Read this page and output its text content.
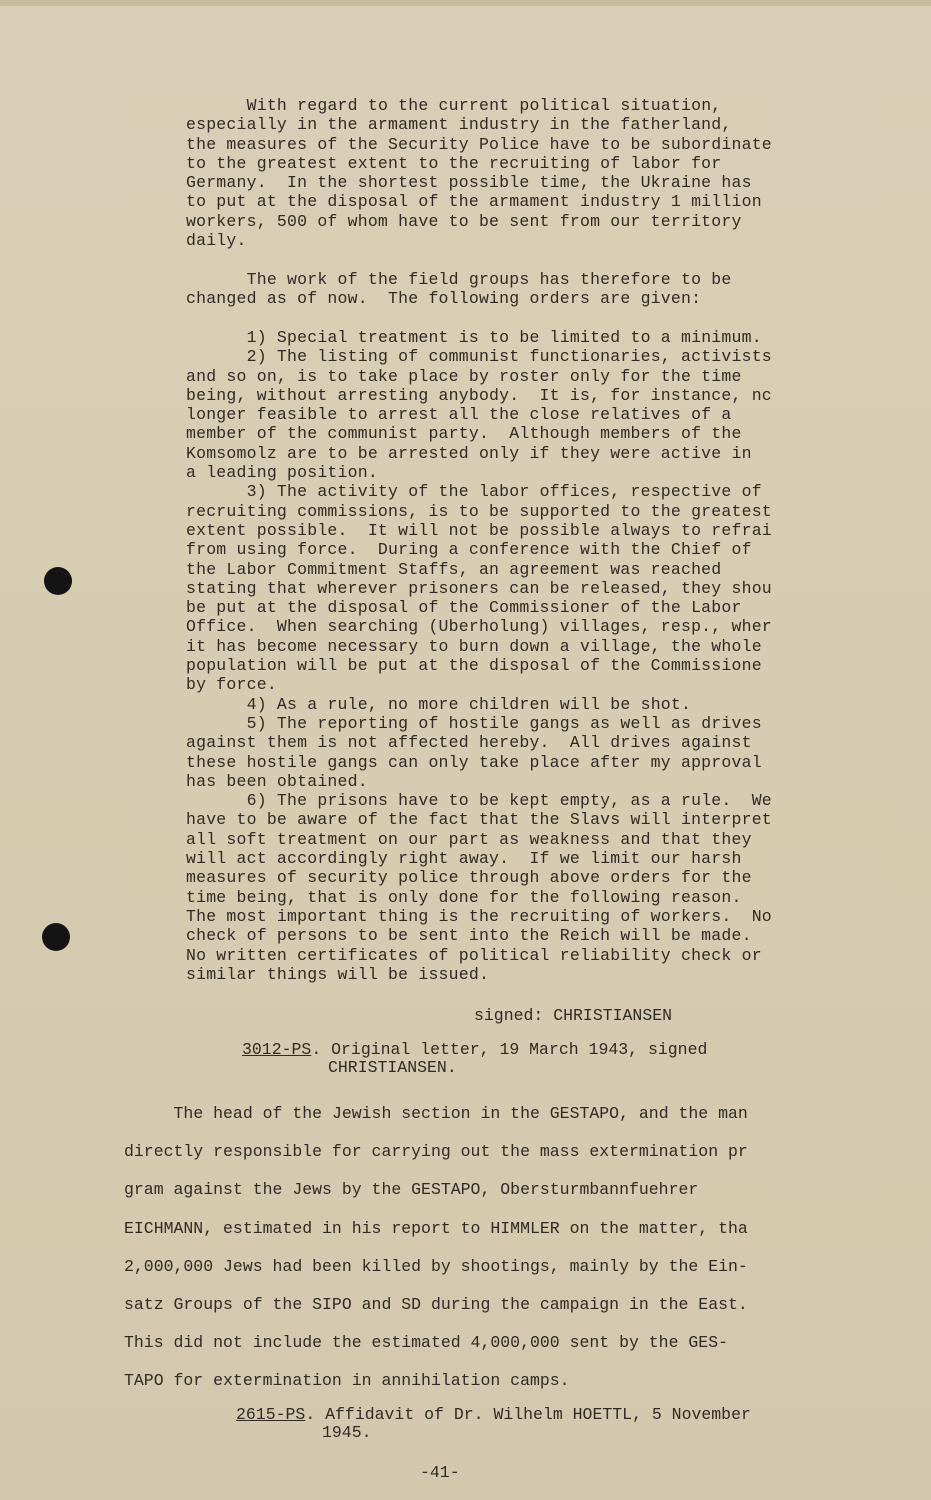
With regard to the current political situation,

especially in the armament industry in the fatherland,

the measures of the Security Police have to be subordinate

to the greatest extent to the recruiting of labor for

Germany.  In the shortest possible time, the Ukraine has

to put at the disposal of the armament industry 1 million

workers, 500 of whom have to be sent from our territory

daily.

The work of the field groups has therefore to be

changed as of now.  The following orders are given:

1) Special treatment is to be limited to a minimum.

2) The listing of communist functionaries, activists

and so on, is to take place by roster only for the time

being, without arresting anybody.  It is, for instance, nc

longer feasible to arrest all the close relatives of a

member of the communist party.  Although members of the

Komsomolz are to be arrested only if they were active in

a leading position.

3) The activity of the labor offices, respective of

recruiting commissions, is to be supported to the greatest

extent possible.  It will not be possible always to refrai

from using force.  During a conference with the Chief of

the Labor Commitment Staffs, an agreement was reached

stating that wherever prisoners can be released, they shou

be put at the disposal of the Commissioner of the Labor

Office.  When searching (Uberholung) villages, resp., wher

it has become necessary to burn down a village, the whole

population will be put at the disposal of the Commissione

by force.

4) As a rule, no more children will be shot.

5) The reporting of hostile gangs as well as drives

against them is not affected hereby.  All drives against

these hostile gangs can only take place after my approval

has been obtained.

6) The prisons have to be kept empty, as a rule.  We

have to be aware of the fact that the Slavs will interpret

all soft treatment on our part as weakness and that they

will act accordingly right away.  If we limit our harsh

measures of security police through above orders for the

time being, that is only done for the following reason.

The most important thing is the recruiting of workers.  No

check of persons to be sent into the Reich will be made.

No written certificates of political reliability check or

similar things will be issued.

signed: CHRISTIANSEN
3012-PS. Original letter, 19 March 1943, signed
CHRISTIANSEN.

The head of the Jewish section in the GESTAPO, and the man

directly responsible for carrying out the mass extermination pr

gram against the Jews by the GESTAPO, Obersturmbannfuehrer

EICHMANN, estimated in his report to HIMMLER on the matter, tha

2,000,000 Jews had been killed by shootings, mainly by the Ein-

satz Groups of the SIPO and SD during the campaign in the East.

This did not include the estimated 4,000,000 sent by the GES-

TAPO for extermination in annihilation camps.

2615-PS. Affidavit of Dr. Wilhelm HOETTL, 5 November
1945.
-41-
